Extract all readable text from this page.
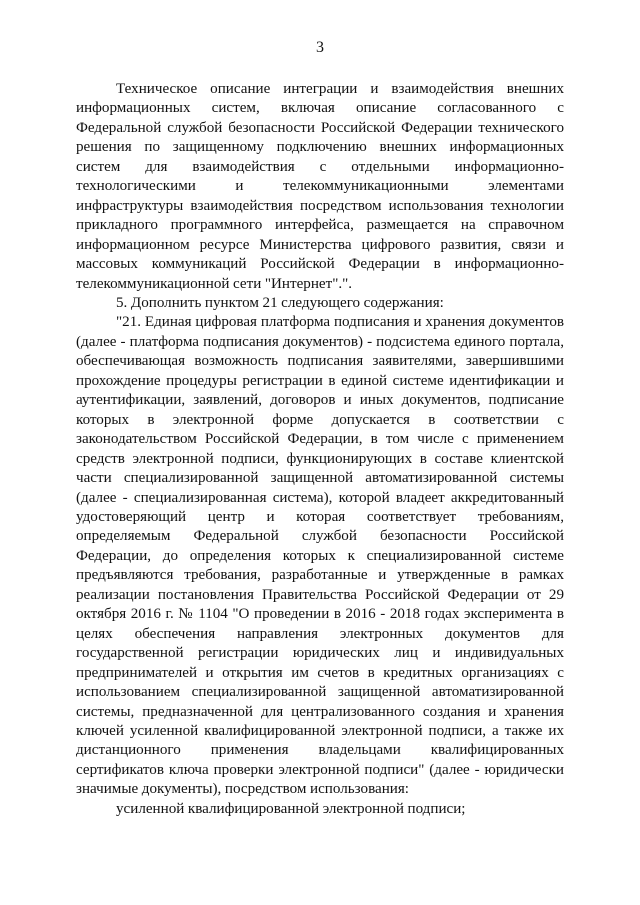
3

Техническое описание интеграции и взаимодействия внешних информационных систем, включая описание согласованного с Федеральной службой безопасности Российской Федерации технического решения по защищенному подключению внешних информационных систем для взаимодействия с отдельными информационно-технологическими и телекоммуникационными элементами инфраструктуры взаимодействия посредством использования технологии прикладного программного интерфейса, размещается на справочном информационном ресурсе Министерства цифрового развития, связи и массовых коммуникаций Российской Федерации в информационно-телекоммуникационной сети "Интернет".".

5. Дополнить пунктом 21 следующего содержания:

"21. Единая цифровая платформа подписания и хранения документов (далее - платформа подписания документов) - подсистема единого портала, обеспечивающая возможность подписания заявителями, завершившими прохождение процедуры регистрации в единой системе идентификации и аутентификации, заявлений, договоров и иных документов, подписание которых в электронной форме допускается в соответствии с законодательством Российской Федерации, в том числе с применением средств электронной подписи, функционирующих в составе клиентской части специализированной защищенной автоматизированной системы (далее - специализированная система), которой владеет аккредитованный удостоверяющий центр и которая соответствует требованиям, определяемым Федеральной службой безопасности Российской Федерации, до определения которых к специализированной системе предъявляются требования, разработанные и утвержденные в рамках реализации постановления Правительства Российской Федерации от 29 октября 2016 г. № 1104 "О проведении в 2016 - 2018 годах эксперимента в целях обеспечения направления электронных документов для государственной регистрации юридических лиц и индивидуальных предпринимателей и открытия им счетов в кредитных организациях с использованием специализированной защищенной автоматизированной системы, предназначенной для централизованного создания и хранения ключей усиленной квалифицированной электронной подписи, а также их дистанционного применения владельцами квалифицированных сертификатов ключа проверки электронной подписи" (далее - юридически значимые документы), посредством использования:

усиленной квалифицированной электронной подписи;
